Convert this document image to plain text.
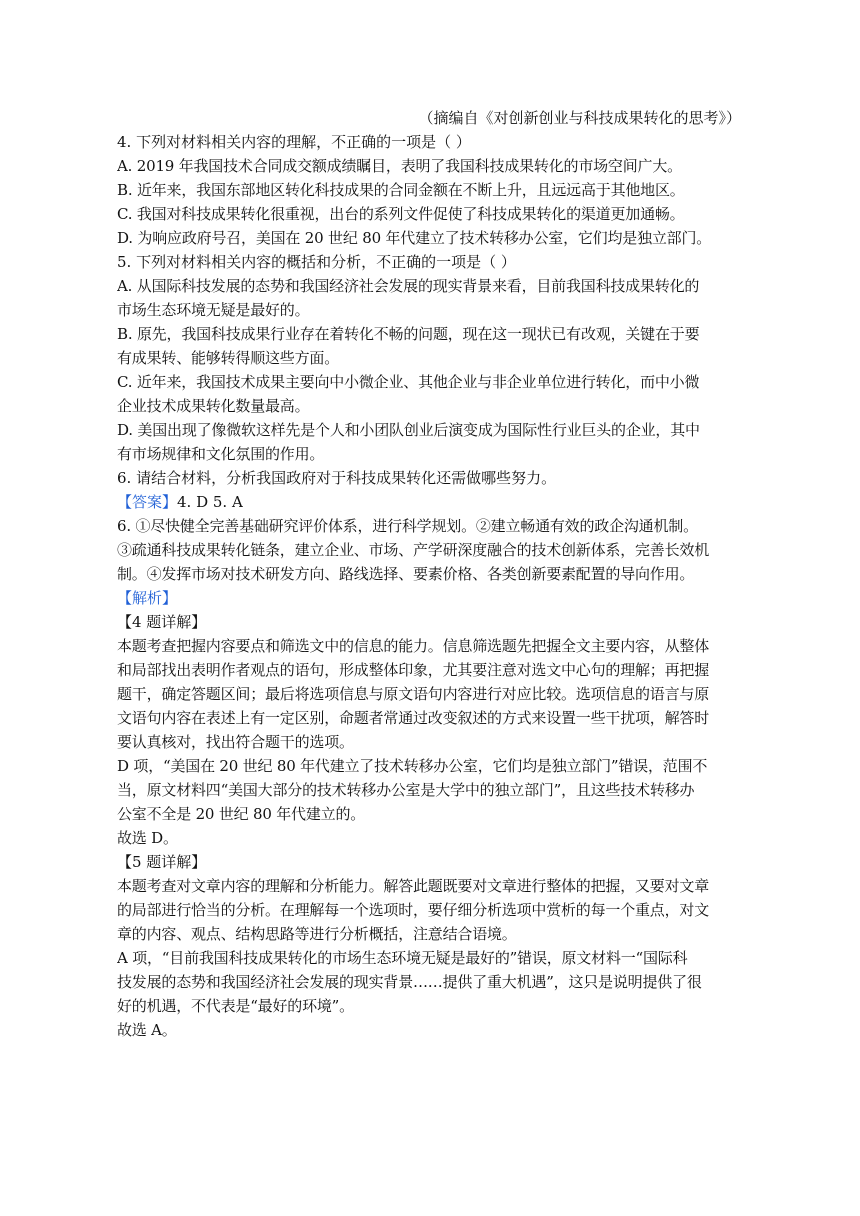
（摘编自《对创新创业与科技成果转化的思考》）
4. 下列对材料相关内容的理解，不正确的一项是（ ）
A. 2019 年我国技术合同成交额成绩瞩目，表明了我国科技成果转化的市场空间广大。
B. 近年来，我国东部地区转化科技成果的合同金额在不断上升，且远远高于其他地区。
C. 我国对科技成果转化很重视，出台的系列文件促使了科技成果转化的渠道更加通畅。
D. 为响应政府号召，美国在 20 世纪 80 年代建立了技术转移办公室，它们均是独立部门。
5. 下列对材料相关内容的概括和分析，不正确的一项是（ ）
A. 从国际科技发展的态势和我国经济社会发展的现实背景来看，目前我国科技成果转化的
市场生态环境无疑是最好的。
B. 原先，我国科技成果行业存在着转化不畅的问题，现在这一现状已有改观，关键在于要
有成果转、能够转得顺这些方面。
C. 近年来，我国技术成果主要向中小微企业、其他企业与非企业单位进行转化，而中小微
企业技术成果转化数量最高。
D. 美国出现了像微软这样先是个人和小团队创业后演变成为国际性行业巨头的企业，其中
有市场规律和文化氛围的作用。
6. 请结合材料，分析我国政府对于科技成果转化还需做哪些努力。
【答案】4. D 5. A
6. ①尽快健全完善基础研究评价体系，进行科学规划。②建立畅通有效的政企沟通机制。
③疏通科技成果转化链条，建立企业、市场、产学研深度融合的技术创新体系，完善长效机
制。④发挥市场对技术研发方向、路线选择、要素价格、各类创新要素配置的导向作用。
【解析】
【4 题详解】
本题考查把握内容要点和筛选文中的信息的能力。信息筛选题先把握全文主要内容，从整体
和局部找出表明作者观点的语句，形成整体印象，尤其要注意对选文中心句的理解；再把握
题干，确定答题区间；最后将选项信息与原文语句内容进行对应比较。选项信息的语言与原
文语句内容在表述上有一定区别，命题者常通过改变叙述的方式来设置一些干扰项，解答时
要认真核对，找出符合题干的选项。
D 项，“美国在 20 世纪 80 年代建立了技术转移办公室，它们均是独立部门”错误，范围不
当，原文材料四“美国大部分的技术转移办公室是大学中的独立部门”，且这些技术转移办
公室不全是 20 世纪 80 年代建立的。
故选 D。
【5 题详解】
本题考查对文章内容的理解和分析能力。解答此题既要对文章进行整体的把握，又要对文章
的局部进行恰当的分析。在理解每一个选项时，要仔细分析选项中赏析的每一个重点，对文
章的内容、观点、结构思路等进行分析概括，注意结合语境。
A 项，“目前我国科技成果转化的市场生态环境无疑是最好的”错误，原文材料一“国际科
技发展的态势和我国经济社会发展的现实背景……提供了重大机遇”，这只是说明提供了很
好的机遇，不代表是“最好的环境”。
故选 A。
